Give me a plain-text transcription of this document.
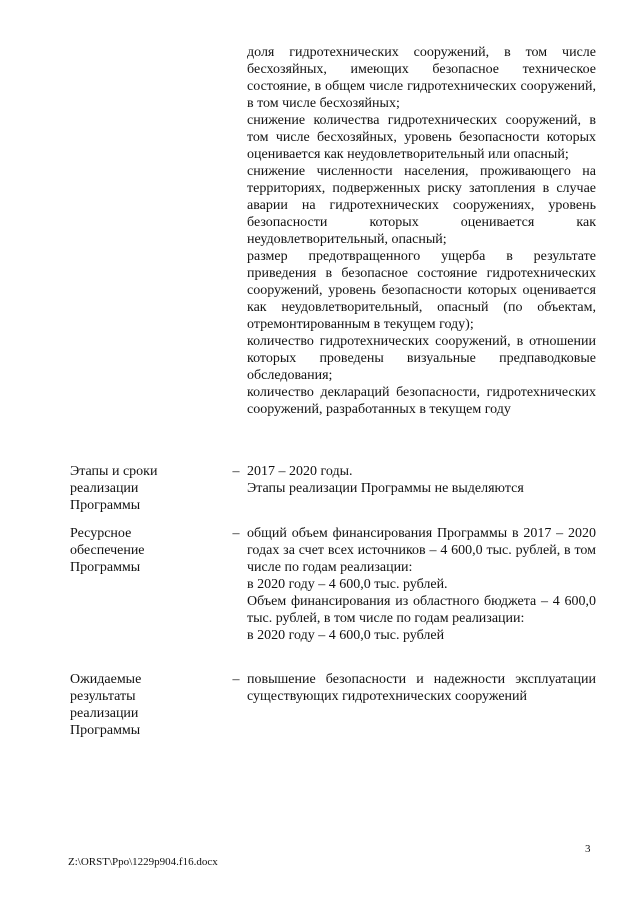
доля гидротехнических сооружений, в том числе бесхозяйных, имеющих безопасное техническое состояние, в общем числе гидротехнических сооружений, в том числе бесхозяйных;

снижение количества гидротехнических сооружений, в том числе бесхозяйных, уровень безопасности которых оценивается как неудовлетворительный или опасный;

снижение численности населения, проживающего на территориях, подверженных риску затопления в случае аварии на гидротехнических сооружениях, уровень безопасности которых оценивается как неудовлетворительный, опасный;

размер предотвращенного ущерба в результате приведения в безопасное состояние гидротехнических сооружений, уровень безопасности которых оценивается как неудовлетворительный, опасный (по объектам, отремонтированным в текущем году);

количество гидротехнических сооружений, в отношении которых проведены визуальные предпаводковые обследования;

количество деклараций безопасности, гидротехнических сооружений, разработанных в текущем году

Этапы и сроки
реализации
Программы
– 2017 – 2020 годы.

Этапы реализации Программы не выделяются

Ресурсное
обеспечение
Программы
– общий объем финансирования Программы в 2017 – 2020 годах за счет всех источников – 4 600,0 тыс. рублей, в том числе по годам реализации:

в 2020 году – 4 600,0 тыс. рублей.

Объем финансирования из областного бюджета – 4 600,0 тыс. рублей, в том числе по годам реализации:

в 2020 году – 4 600,0 тыс. рублей

Ожидаемые
результаты
реализации
Программы
– повышение безопасности и надежности эксплуатации существующих гидротехнических сооружений

3
Z:\ORST\Ppo\1229p904.f16.docx
